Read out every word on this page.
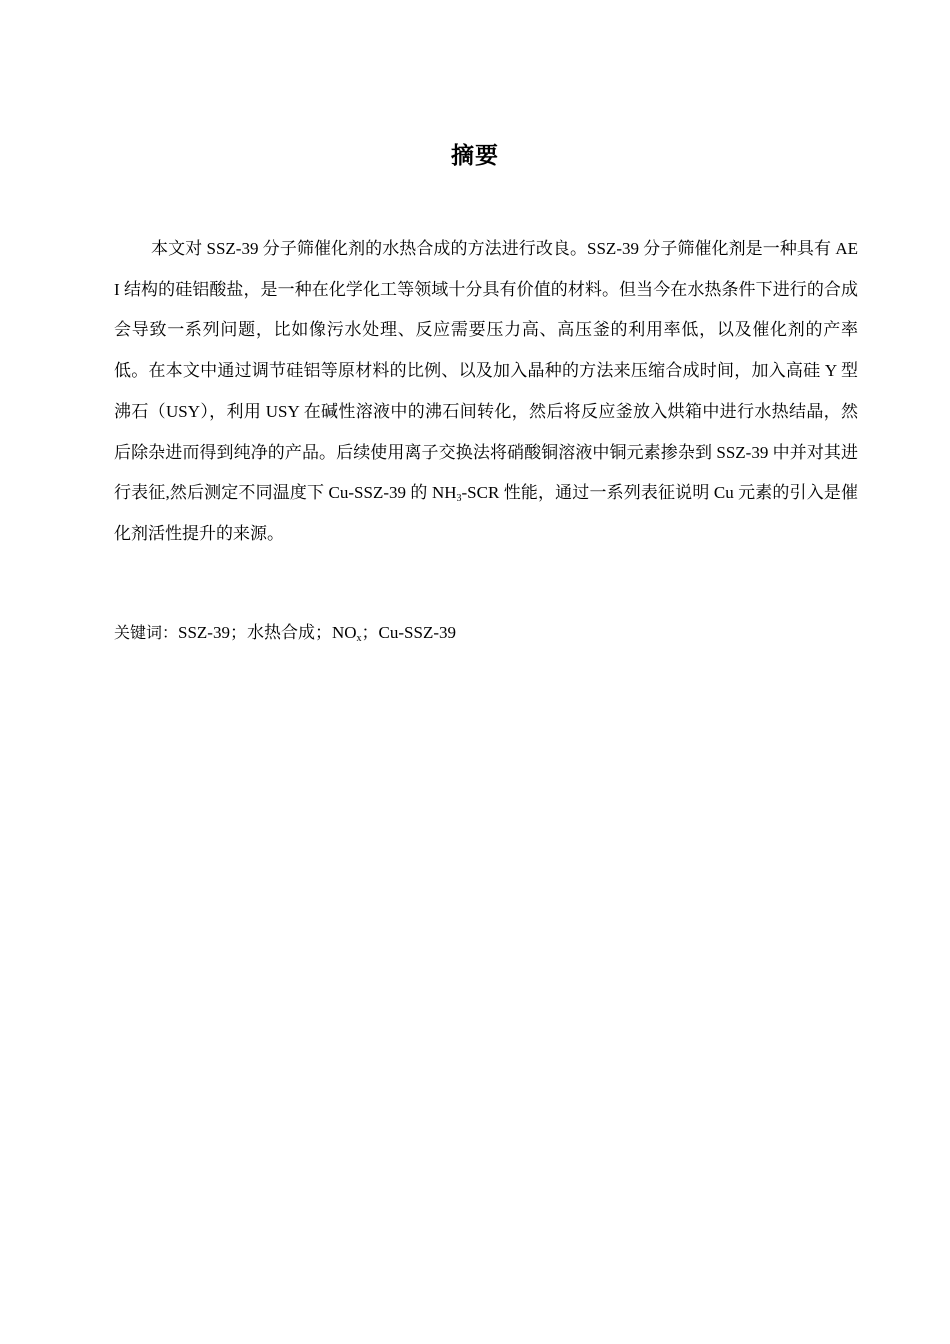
摘要

本文对 SSZ-39 分子筛催化剂的水热合成的方法进行改良。SSZ-39 分子筛催化剂是一种具有 AEI 结构的硅铝酸盐，是一种在化学化工等领域十分具有价值的材料。但当今在水热条件下进行的合成会导致一系列问题，比如像污水处理、反应需要压力高、高压釜的利用率低，以及催化剂的产率低。在本文中通过调节硅铝等原材料的比例、以及加入晶种的方法来压缩合成时间，加入高硅 Y 型沸石（USY），利用 USY 在碱性溶液中的沸石间转化，然后将反应釜放入烘箱中进行水热结晶，然后除杂进而得到纯净的产品。后续使用离子交换法将硝酸铜溶液中铜元素掺杂到 SSZ-39 中并对其进行表征,然后测定不同温度下 Cu-SSZ-39 的 $NH_3$-SCR 性能，通过一系列表征说明 Cu 元素的引入是催化剂活性提升的来源。

关键词：SSZ-39；水热合成；$NO_x$；Cu-SSZ-39
